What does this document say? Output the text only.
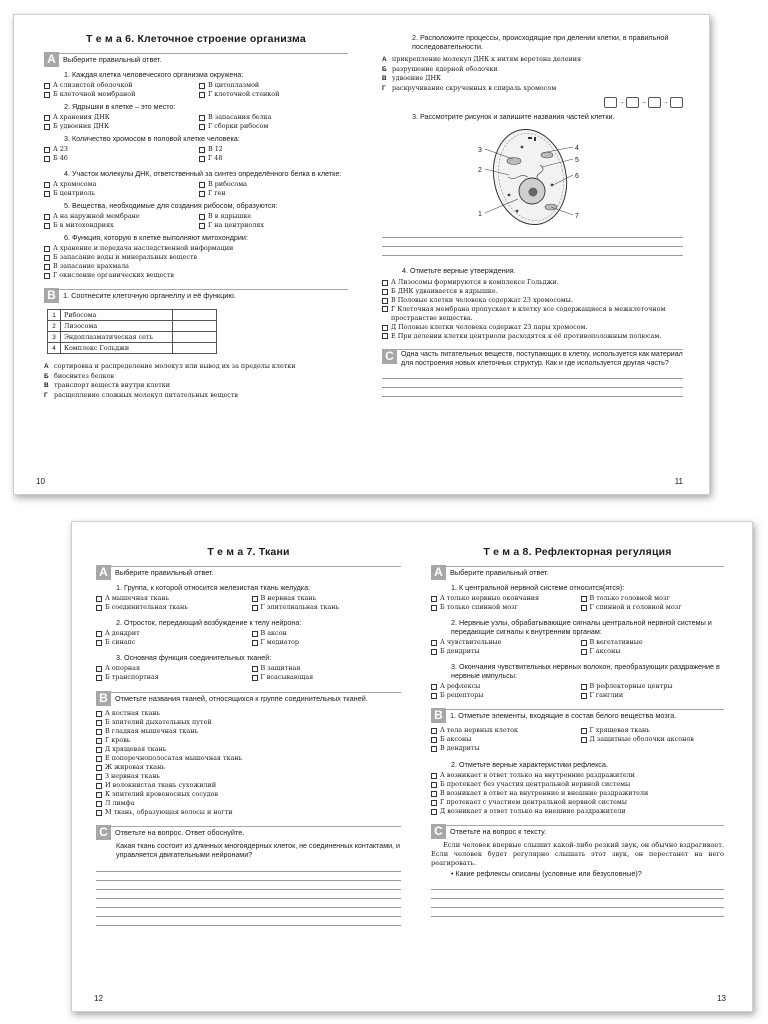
Т е м а 6. Клеточное строение организма
A Выберите правильный ответ.
1. Каждая клетка человеческого организма окружена:
А слизистой оболочкой	В цитоплазмой
Б клеточной мембраной	Г клеточной стенкой
2. Ядрышки в клетке – это место:
А хранения ДНК	В запасания белка
Б удвоения ДНК	Г сборки рибосом
3. Количество хромосом в половой клетке человека:
А 23	В 12
Б 46	Г 48
4. Участок молекулы ДНК, ответственный за синтез определённого белка в клетке:
А хромосома	В рибосома
Б центриоль	Г ген
5. Вещества, необходимые для создания рибосом, образуются:
А на наружной мембране	В в ядрышке
Б в митохондриях	Г на центриолях
6. Функция, которую в клетке выполняют митохондрии:
А хранение и передача наследственной информации
Б запасание воды и минеральных веществ
В запасание крахмала
Г окисление органических веществ
B 1. Соотнесите клеточную органеллу и её функцию.
1	Рибосома	
2	Лизосома	
3	Эндоплазматическая сеть	
4	Комплекс Гольджи	
А сортировка и распределение молекул или вывод их за пределы клетки
Б биосинтез белков
В транспорт веществ внутри клетки
Г расщепление сложных молекул питательных веществ
10
2. Расположите процессы, происходящие при делении клетки, в правильной последовательности.
А прикрепление молекул ДНК к нитям веретена деления
Б разрушение ядерной оболочки
В удвоение ДНК
Г раскручивание скрученных в спираль хромосом
→ → →
3. Рассмотрите рисунок и запишите названия частей клетки.
1
2
3	4
5
6
7
4. Отметьте верные утверждения.
А Лизосомы формируются в комплексе Гольджи.
Б ДНК удваивается в ядрышке.
В Половые клетки человека содержат 23 хромосомы.
Г Клеточная мембрана пропускает в клетку все содержащиеся в межклеточном пространстве вещества.
Д Половые клетки человека содержат 23 пары хромосом.
Е При делении клетки центриоли расходятся к её противоположным полюсам.
C	Одна часть питательных веществ, поступающих в клетку, используется как материал для построения новых клеточных структур. Как и где используется другая часть?
11
Т е м а 7. Ткани
A Выберите правильный ответ.
1. Группа, к которой относится железистая ткань желудка:
А мышечная ткань	В нервная ткань
Б соединительная ткань	Г эпителиальная ткань
2. Отросток, передающий возбуждение к телу нейрона:
А дендрит	В аксон
Б синапс	Г медиатор
3. Основная функция соединительных тканей:
А опорная	В защитная
Б транспортная	Г всасывающая
B Отметьте названия тканей, относящихся к группе соединительных тканей.
А костная ткань
Б эпителий дыхательных путей
В гладкая мышечная ткань
Г кровь
Д хрящевая ткань
Е поперечнополосатая мышечная ткань
Ж жировая ткань
З нервная ткань
И волокнистая ткань сухожилий
К эпителий кровеносных сосудов
Л лимфа
М ткань, образующая волосы и ногти
C Ответьте на вопрос. Ответ обоснуйте.
Какая ткань состоит из длинных многоядерных клеток, не соединенных контактами, и управляется двигательными нейронами?
12
Т е м а 8. Рефлекторная регуляция
A Выберите правильный ответ.
1. К центральной нервной системе относится(ятся):
А только нервные окончания	В только головной мозг
Б только спинной мозг	Г спинной и головной мозг
2. Нервные узлы, обрабатывающие сигналы центральной нервной системы и передающие сигналы к внутренним органам:
А чувствительные	В вегетативные
Б дендриты	Г аксоны
3. Окончания чувствительных нервных волокон, преобразующих раздражение в нервные импульсы:
А рефлексы	В рефлекторные центры
Б рецепторы	Г ганглии
B 1. Отметьте элементы, входящие в состав белого вещества мозга.
А тела нервных клеток	Г хрящевая ткань
Б аксоны	Д защитные оболочки аксонов
В дендриты
2. Отметьте верные характеристики рефлекса.
А возникает в ответ только на внутренние раздражители
Б протекает без участия центральной нервной системы
В возникает в ответ на внутренние и внешние раздражители
Г протекает с участием центральной нервной системы
Д возникает в ответ только на внешние раздражители
C Ответьте на вопрос к тексту.
Если человек впервые слышит какой-либо резкий звук, он обычно вздрагивает. Если человек будет регулярно слышать этот звук, он перестанет на него реагировать.
• Какие рефлексы описаны (условные или безусловные)?
13
